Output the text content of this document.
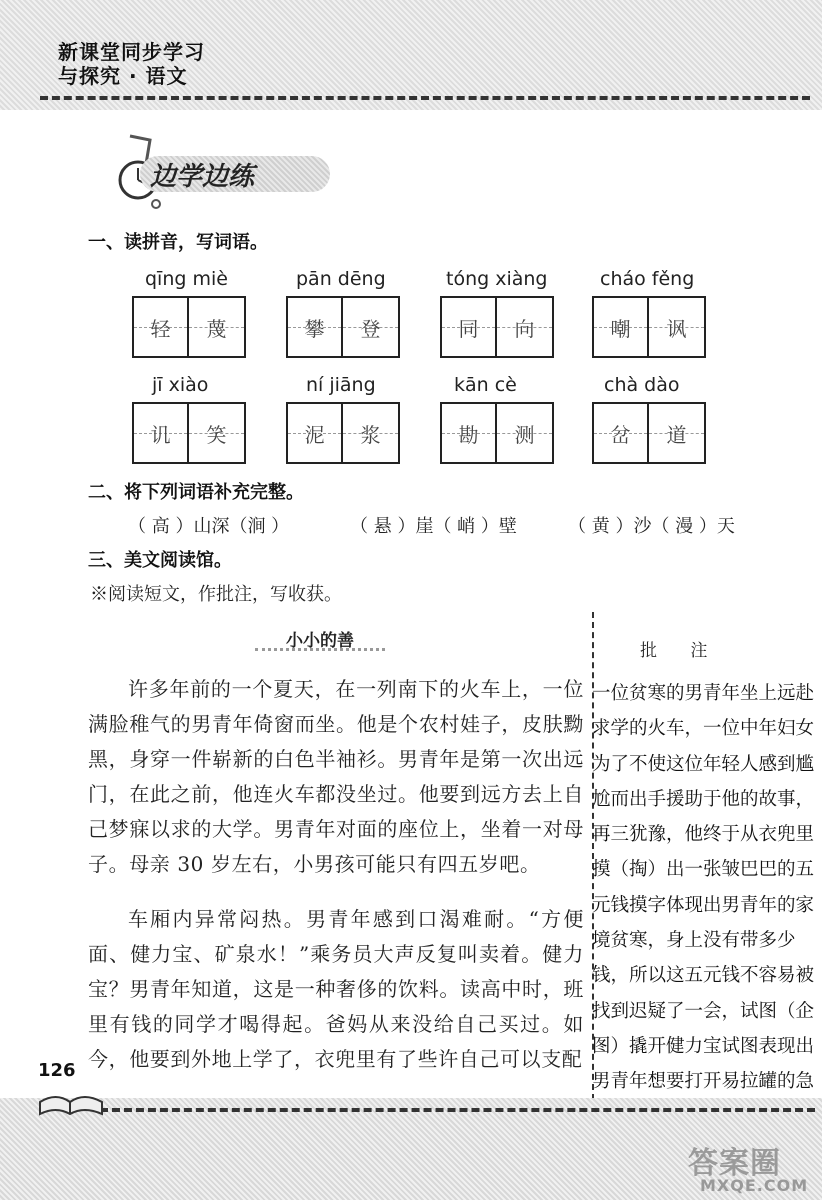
新课堂同步学习
与探究 · 语文
边学边练
一、读拼音，写词语。
qīng miè
轻 蔑
pān dēng
攀 登
tóng xiàng
同 向
cháo fěng
嘲 讽
jī xiào
讥 笑
ní jiāng
泥 浆
kān cè
勘 测
chà dào
岔 道
二、将下列词语补充完整。
（ 高 ）山深（涧 ）	（ 悬 ）崖（ 峭 ）壁	（ 黄 ）沙（ 漫 ）天
三、美文阅读馆。
※阅读短文，作批注，写收获。
小小的善

许多年前的一个夏天，在一列南下的火车上，一位满脸稚气的男青年倚窗而坐。他是个农村娃子，皮肤黝黑，身穿一件崭新的白色半袖衫。男青年是第一次出远门，在此之前，他连火车都没坐过。他要到远方去上自己梦寐以求的大学。男青年对面的座位上，坐着一对母子。母亲 30 岁左右，小男孩可能只有四五岁吧。

车厢内异常闷热。男青年感到口渴难耐。“方便面、健力宝、矿泉水！”乘务员大声反复叫卖着。健力宝？男青年知道，这是一种奢侈的饮料。读高中时，班里有钱的同学才喝得起。爸妈从来没给自己买过。如今，他要到外地上学了，衣兜里有了些许自己可以支配

批 注
一位贫寒的男青年坐上远赴求学的火车，一位中年妇女为了不使这位年轻人感到尴尬而出手援助于他的故事，再三犹豫，他终于从衣兜里摸（掏）出一张皱巴巴的五元钱摸字体现出男青年的家境贫寒，身上没有带多少钱，所以这五元钱不容易被找到迟疑了一会，试图（企图）撬开健力宝试图表现出男青年想要打开易拉罐的急
126
答案圈
MXQE.COM
